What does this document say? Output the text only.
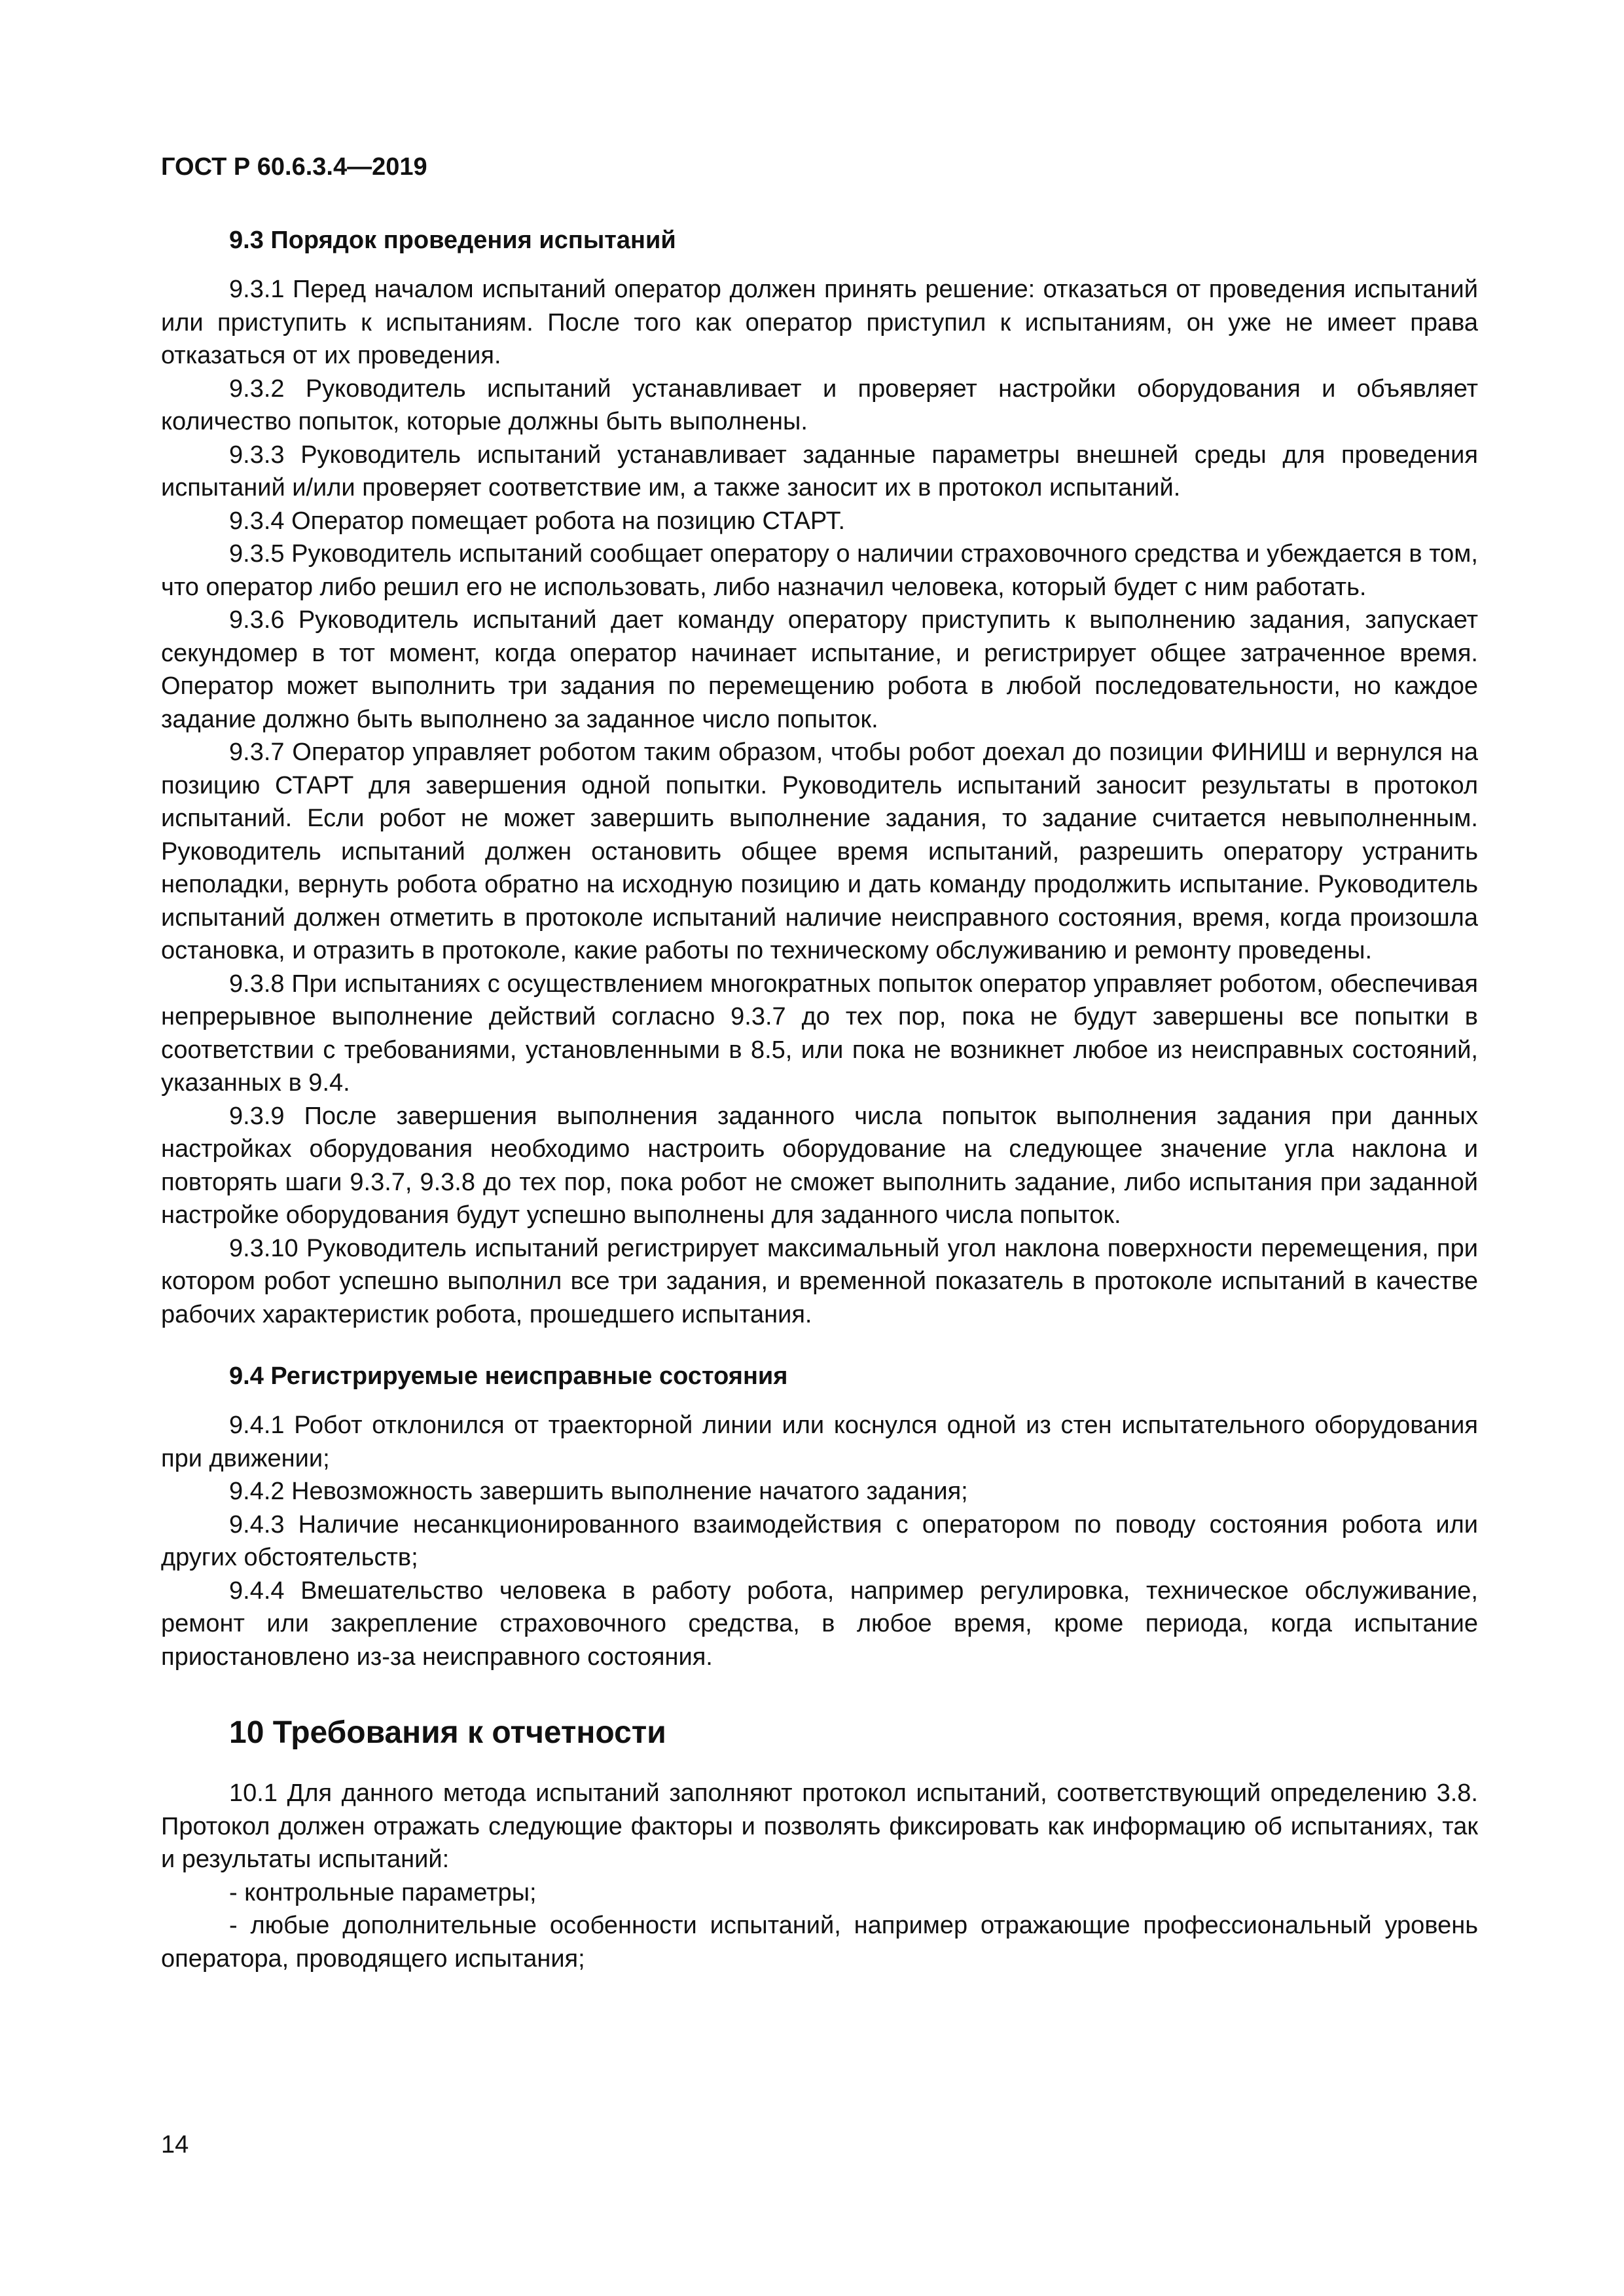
ГОСТ Р 60.6.3.4—2019

9.3 Порядок проведения испытаний

9.3.1 Перед началом испытаний оператор должен принять решение: отказаться от проведения испытаний или приступить к испытаниям. После того как оператор приступил к испытаниям, он уже не имеет права отказаться от их проведения.

9.3.2 Руководитель испытаний устанавливает и проверяет настройки оборудования и объявляет количество попыток, которые должны быть выполнены.

9.3.3 Руководитель испытаний устанавливает заданные параметры внешней среды для проведения испытаний и/или проверяет соответствие им, а также заносит их в протокол испытаний.

9.3.4 Оператор помещает робота на позицию СТАРТ.

9.3.5 Руководитель испытаний сообщает оператору о наличии страховочного средства и убеждается в том, что оператор либо решил его не использовать, либо назначил человека, который будет с ним работать.

9.3.6 Руководитель испытаний дает команду оператору приступить к выполнению задания, запускает секундомер в тот момент, когда оператор начинает испытание, и регистрирует общее затраченное время. Оператор может выполнить три задания по перемещению робота в любой последовательности, но каждое задание должно быть выполнено за заданное число попыток.

9.3.7 Оператор управляет роботом таким образом, чтобы робот доехал до позиции ФИНИШ и вернулся на позицию СТАРТ для завершения одной попытки. Руководитель испытаний заносит результаты в протокол испытаний. Если робот не может завершить выполнение задания, то задание считается невыполненным. Руководитель испытаний должен остановить общее время испытаний, разрешить оператору устранить неполадки, вернуть робота обратно на исходную позицию и дать команду продолжить испытание. Руководитель испытаний должен отметить в протоколе испытаний наличие неисправного состояния, время, когда произошла остановка, и отразить в протоколе, какие работы по техническому обслуживанию и ремонту проведены.

9.3.8 При испытаниях с осуществлением многократных попыток оператор управляет роботом, обеспечивая непрерывное выполнение действий согласно 9.3.7 до тех пор, пока не будут завершены все попытки в соответствии с требованиями, установленными в 8.5, или пока не возникнет любое из неисправных состояний, указанных в 9.4.

9.3.9 После завершения выполнения заданного числа попыток выполнения задания при данных настройках оборудования необходимо настроить оборудование на следующее значение угла наклона и повторять шаги 9.3.7, 9.3.8 до тех пор, пока робот не сможет выполнить задание, либо испытания при заданной настройке оборудования будут успешно выполнены для заданного числа попыток.

9.3.10 Руководитель испытаний регистрирует максимальный угол наклона поверхности перемещения, при котором робот успешно выполнил все три задания, и временной показатель в протоколе испытаний в качестве рабочих характеристик робота, прошедшего испытания.

9.4 Регистрируемые неисправные состояния

9.4.1 Робот отклонился от траекторной линии или коснулся одной из стен испытательного оборудования при движении;

9.4.2 Невозможность завершить выполнение начатого задания;

9.4.3 Наличие несанкционированного взаимодействия с оператором по поводу состояния робота или других обстоятельств;

9.4.4 Вмешательство человека в работу робота, например регулировка, техническое обслуживание, ремонт или закрепление страховочного средства, в любое время, кроме периода, когда испытание приостановлено из-за неисправного состояния.

10 Требования к отчетности

10.1 Для данного метода испытаний заполняют протокол испытаний, соответствующий определению 3.8. Протокол должен отражать следующие факторы и позволять фиксировать как информацию об испытаниях, так и результаты испытаний:

- контрольные параметры;

- любые дополнительные особенности испытаний, например отражающие профессиональный уровень оператора, проводящего испытания;

14
